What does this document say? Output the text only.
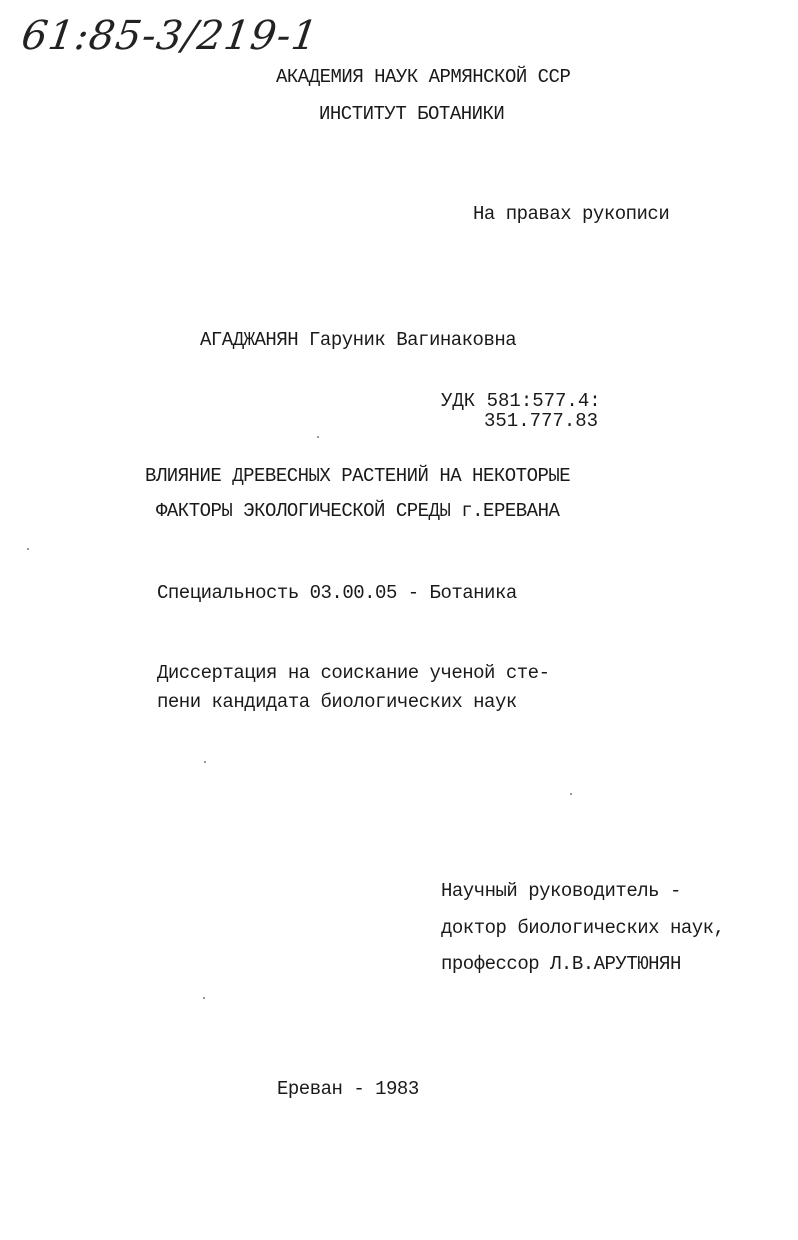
61:85-3/219-1
АКАДЕМИЯ НАУК АРМЯНСКОЙ ССР
ИНСТИТУТ БОТАНИКИ
На правах рукописи
АГАДЖАНЯН Гаруник Вагинаковна
УДК 581:577.4:
351.777.83
ВЛИЯНИЕ ДРЕВЕСНЫХ РАСТЕНИЙ НА НЕКОТОРЫЕ
ФАКТОРЫ ЭКОЛОГИЧЕСКОЙ СРЕДЫ г.ЕРЕВАНА
Специальность 03.00.05 - Ботаника
Диссертация на соискание ученой сте-
пени кандидата биологических наук
Научный руководитель -
доктор биологических наук,
профессор Л.В.АРУТЮНЯН
Ереван - 1983
